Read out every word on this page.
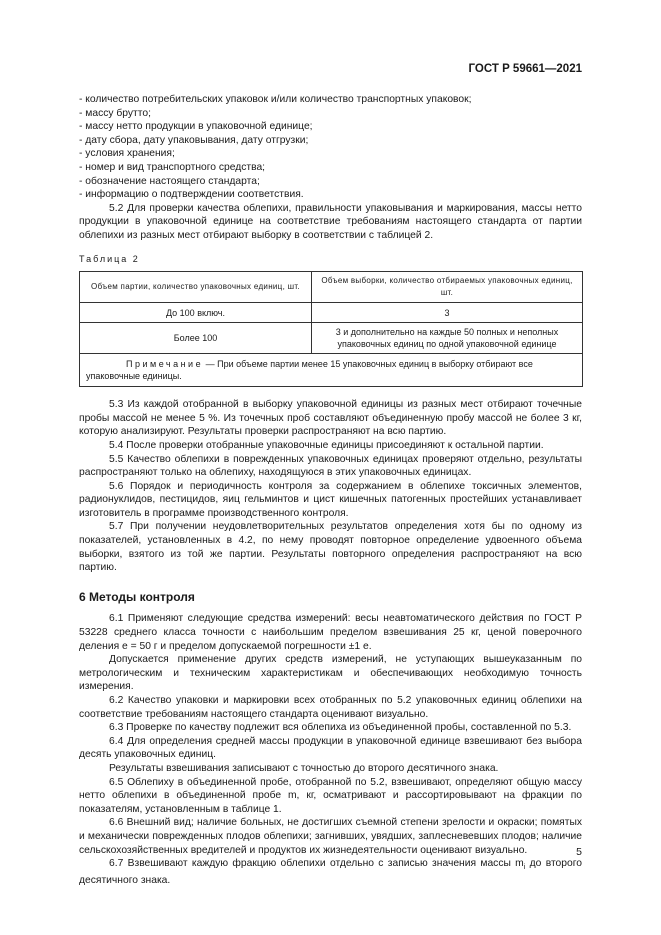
ГОСТ Р 59661—2021

- количество потребительских упаковок и/или количество транспортных упаковок;

- массу брутто;

- массу нетто продукции в упаковочной единице;

- дату сбора, дату упаковывания, дату отгрузки;

- условия хранения;

- номер и вид транспортного средства;

- обозначение настоящего стандарта;

- информацию о подтверждении соответствия.

5.2 Для проверки качества облепихи, правильности упаковывания и маркирования, массы нетто продукции в упаковочной единице на соответствие требованиям настоящего стандарта от партии облепихи из разных мест отбирают выборку в соответствии с таблицей 2.

Таблица 2
Объем партии, количество упаковочных единиц, шт.	Объем выборки, количество отбираемых упаковочных единиц, шт.
До 100 включ.	3
Более 100	3 и дополнительно на каждые 50 полных и неполных упаковочных единиц по одной упаковочной единице
Примечание — При объеме партии менее 15 упаковочных единиц в выборку отбирают все упаковочные единицы.	

5.3 Из каждой отобранной в выборку упаковочной единицы из разных мест отбирают точечные пробы массой не менее 5 %. Из точечных проб составляют объединенную пробу массой не более 3 кг, которую анализируют. Результаты проверки распространяют на всю партию.

5.4 После проверки отобранные упаковочные единицы присоединяют к остальной партии.

5.5 Качество облепихи в поврежденных упаковочных единицах проверяют отдельно, результаты распространяют только на облепиху, находящуюся в этих упаковочных единицах.

5.6 Порядок и периодичность контроля за содержанием в облепихе токсичных элементов, радионуклидов, пестицидов, яиц гельминтов и цист кишечных патогенных простейших устанавливает изготовитель в программе производственного контроля.

5.7 При получении неудовлетворительных результатов определения хотя бы по одному из показателей, установленных в 4.2, по нему проводят повторное определение удвоенного объема выборки, взятого из той же партии. Результаты повторного определения распространяют на всю партию.

6 Методы контроля

6.1 Применяют следующие средства измерений: весы неавтоматического действия по ГОСТ Р 53228 среднего класса точности с наибольшим пределом взвешивания 25 кг, ценой поверочного деления е = 50 г и пределом допускаемой погрешности ±1 е.

Допускается применение других средств измерений, не уступающих вышеуказанным по метрологическим и техническим характеристикам и обеспечивающих необходимую точность измерения.

6.2 Качество упаковки и маркировки всех отобранных по 5.2 упаковочных единиц облепихи на соответствие требованиям настоящего стандарта оценивают визуально.

6.3 Проверке по качеству подлежит вся облепиха из объединенной пробы, составленной по 5.3.

6.4 Для определения средней массы продукции в упаковочной единице взвешивают без выбора десять упаковочных единиц.

Результаты взвешивания записывают с точностью до второго десятичного знака.

6.5 Облепиху в объединенной пробе, отобранной по 5.2, взвешивают, определяют общую массу нетто облепихи в объединенной пробе m, кг, осматривают и рассортировывают на фракции по показателям, установленным в таблице 1.

6.6 Внешний вид; наличие больных, не достигших съемной степени зрелости и окраски; помятых и механически поврежденных плодов облепихи; загнивших, увядших, заплесневевших плодов; наличие сельскохозяйственных вредителей и продуктов их жизнедеятельности оценивают визуально.

6.7 Взвешивают каждую фракцию облепихи отдельно с записью значения массы $m_i$ до второго десятичного знака.

5
